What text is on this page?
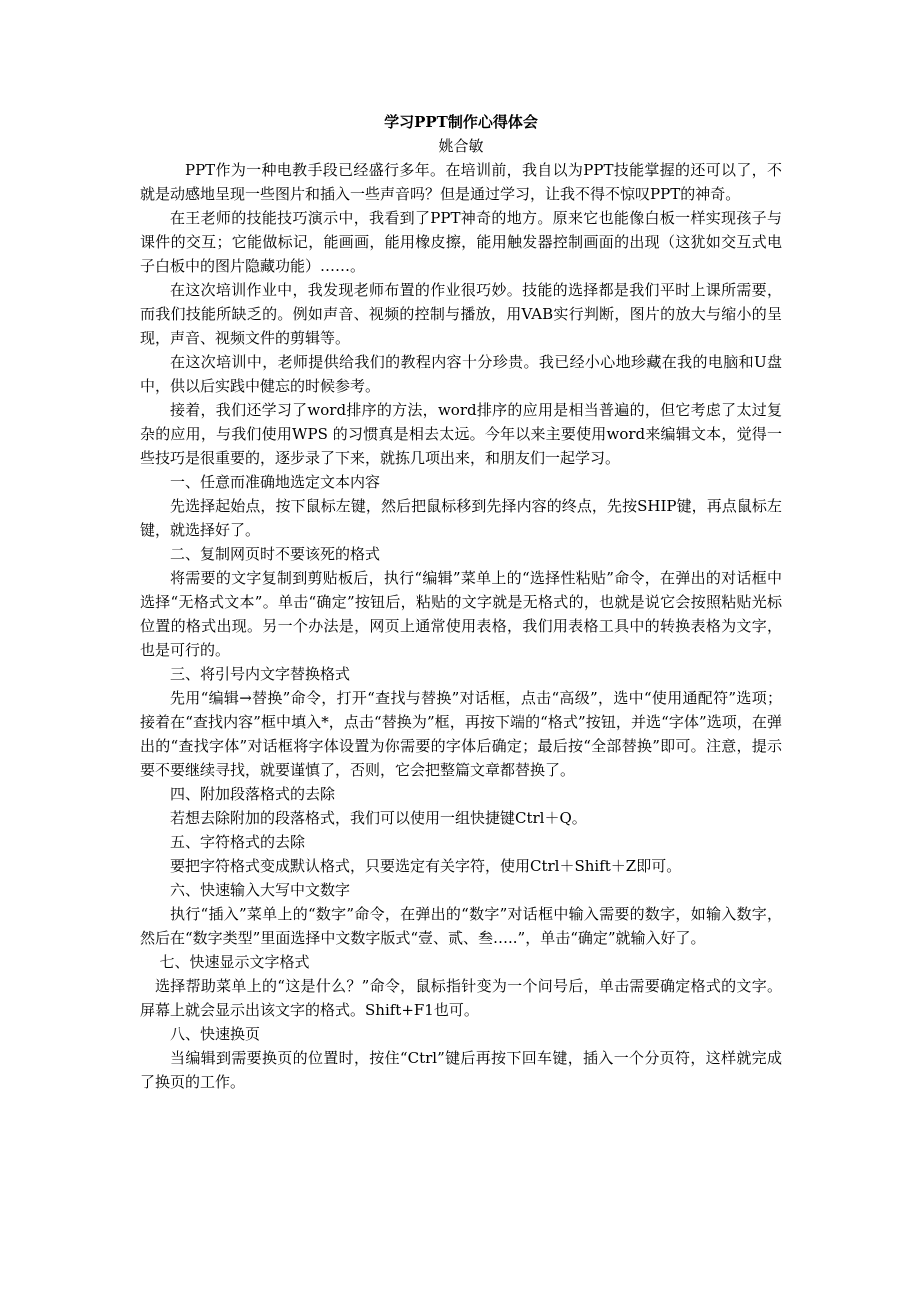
学习PPT制作心得体会
姚合敏

PPT作为一种电教手段已经盛行多年。在培训前，我自以为PPT技能掌握的还可以了，不就是动感地呈现一些图片和插入一些声音吗？但是通过学习，让我不得不惊叹PPT的神奇。

在王老师的技能技巧演示中，我看到了PPT神奇的地方。原来它也能像白板一样实现孩子与课件的交互；它能做标记，能画画，能用橡皮擦，能用触发器控制画面的出现（这犹如交互式电子白板中的图片隐藏功能）……。

在这次培训作业中，我发现老师布置的作业很巧妙。技能的选择都是我们平时上课所需要，而我们技能所缺乏的。例如声音、视频的控制与播放，用VAB实行判断，图片的放大与缩小的呈现，声音、视频文件的剪辑等。

在这次培训中，老师提供给我们的教程内容十分珍贵。我已经小心地珍藏在我的电脑和U盘中，供以后实践中健忘的时候参考。

接着，我们还学习了word排序的方法，word排序的应用是相当普遍的，但它考虑了太过复杂的应用，与我们使用WPS 的习惯真是相去太远。今年以来主要使用word来编辑文本，觉得一些技巧是很重要的，逐步录了下来，就拣几项出来，和朋友们一起学习。

一、任意而准确地选定文本内容

先选择起始点，按下鼠标左键，然后把鼠标移到先择内容的终点，先按SHIP键，再点鼠标左键，就选择好了。

二、复制网页时不要该死的格式

将需要的文字复制到剪贴板后，执行“编辑”菜单上的“选择性粘贴”命令，在弹出的对话框中选择“无格式文本”。单击“确定”按钮后，粘贴的文字就是无格式的，也就是说它会按照粘贴光标位置的格式出现。另一个办法是，网页上通常使用表格，我们用表格工具中的转换表格为文字，也是可行的。

三、将引号内文字替换格式

先用“编辑→替换”命令，打开“查找与替换”对话框，点击“高级”，选中“使用通配符”选项；接着在“查找内容”框中填入*，点击“替换为”框，再按下端的“格式”按钮，并选“字体”选项，在弹出的“查找字体”对话框将字体设置为你需要的字体后确定；最后按“全部替换”即可。注意，提示要不要继续寻找，就要谨慎了，否则，它会把整篇文章都替换了。

四、附加段落格式的去除

若想去除附加的段落格式，我们可以使用一组快捷键Ctrl＋Q。

五、字符格式的去除

要把字符格式变成默认格式，只要选定有关字符，使用Ctrl＋Shift＋Z即可。

六、快速输入大写中文数字

执行“插入”菜单上的“数字”命令，在弹出的“数字”对话框中输入需要的数字，如输入数字，然后在“数字类型”里面选择中文数字版式“壹、贰、叁…..”，单击“确定”就输入好了。

七、快速显示文字格式

选择帮助菜单上的“这是什么？”命令，鼠标指针变为一个问号后，单击需要确定格式的文字。屏幕上就会显示出该文字的格式。Shift+F1也可。

八、快速换页

当编辑到需要换页的位置时，按住“Ctrl”键后再按下回车键，插入一个分页符，这样就完成了换页的工作。
